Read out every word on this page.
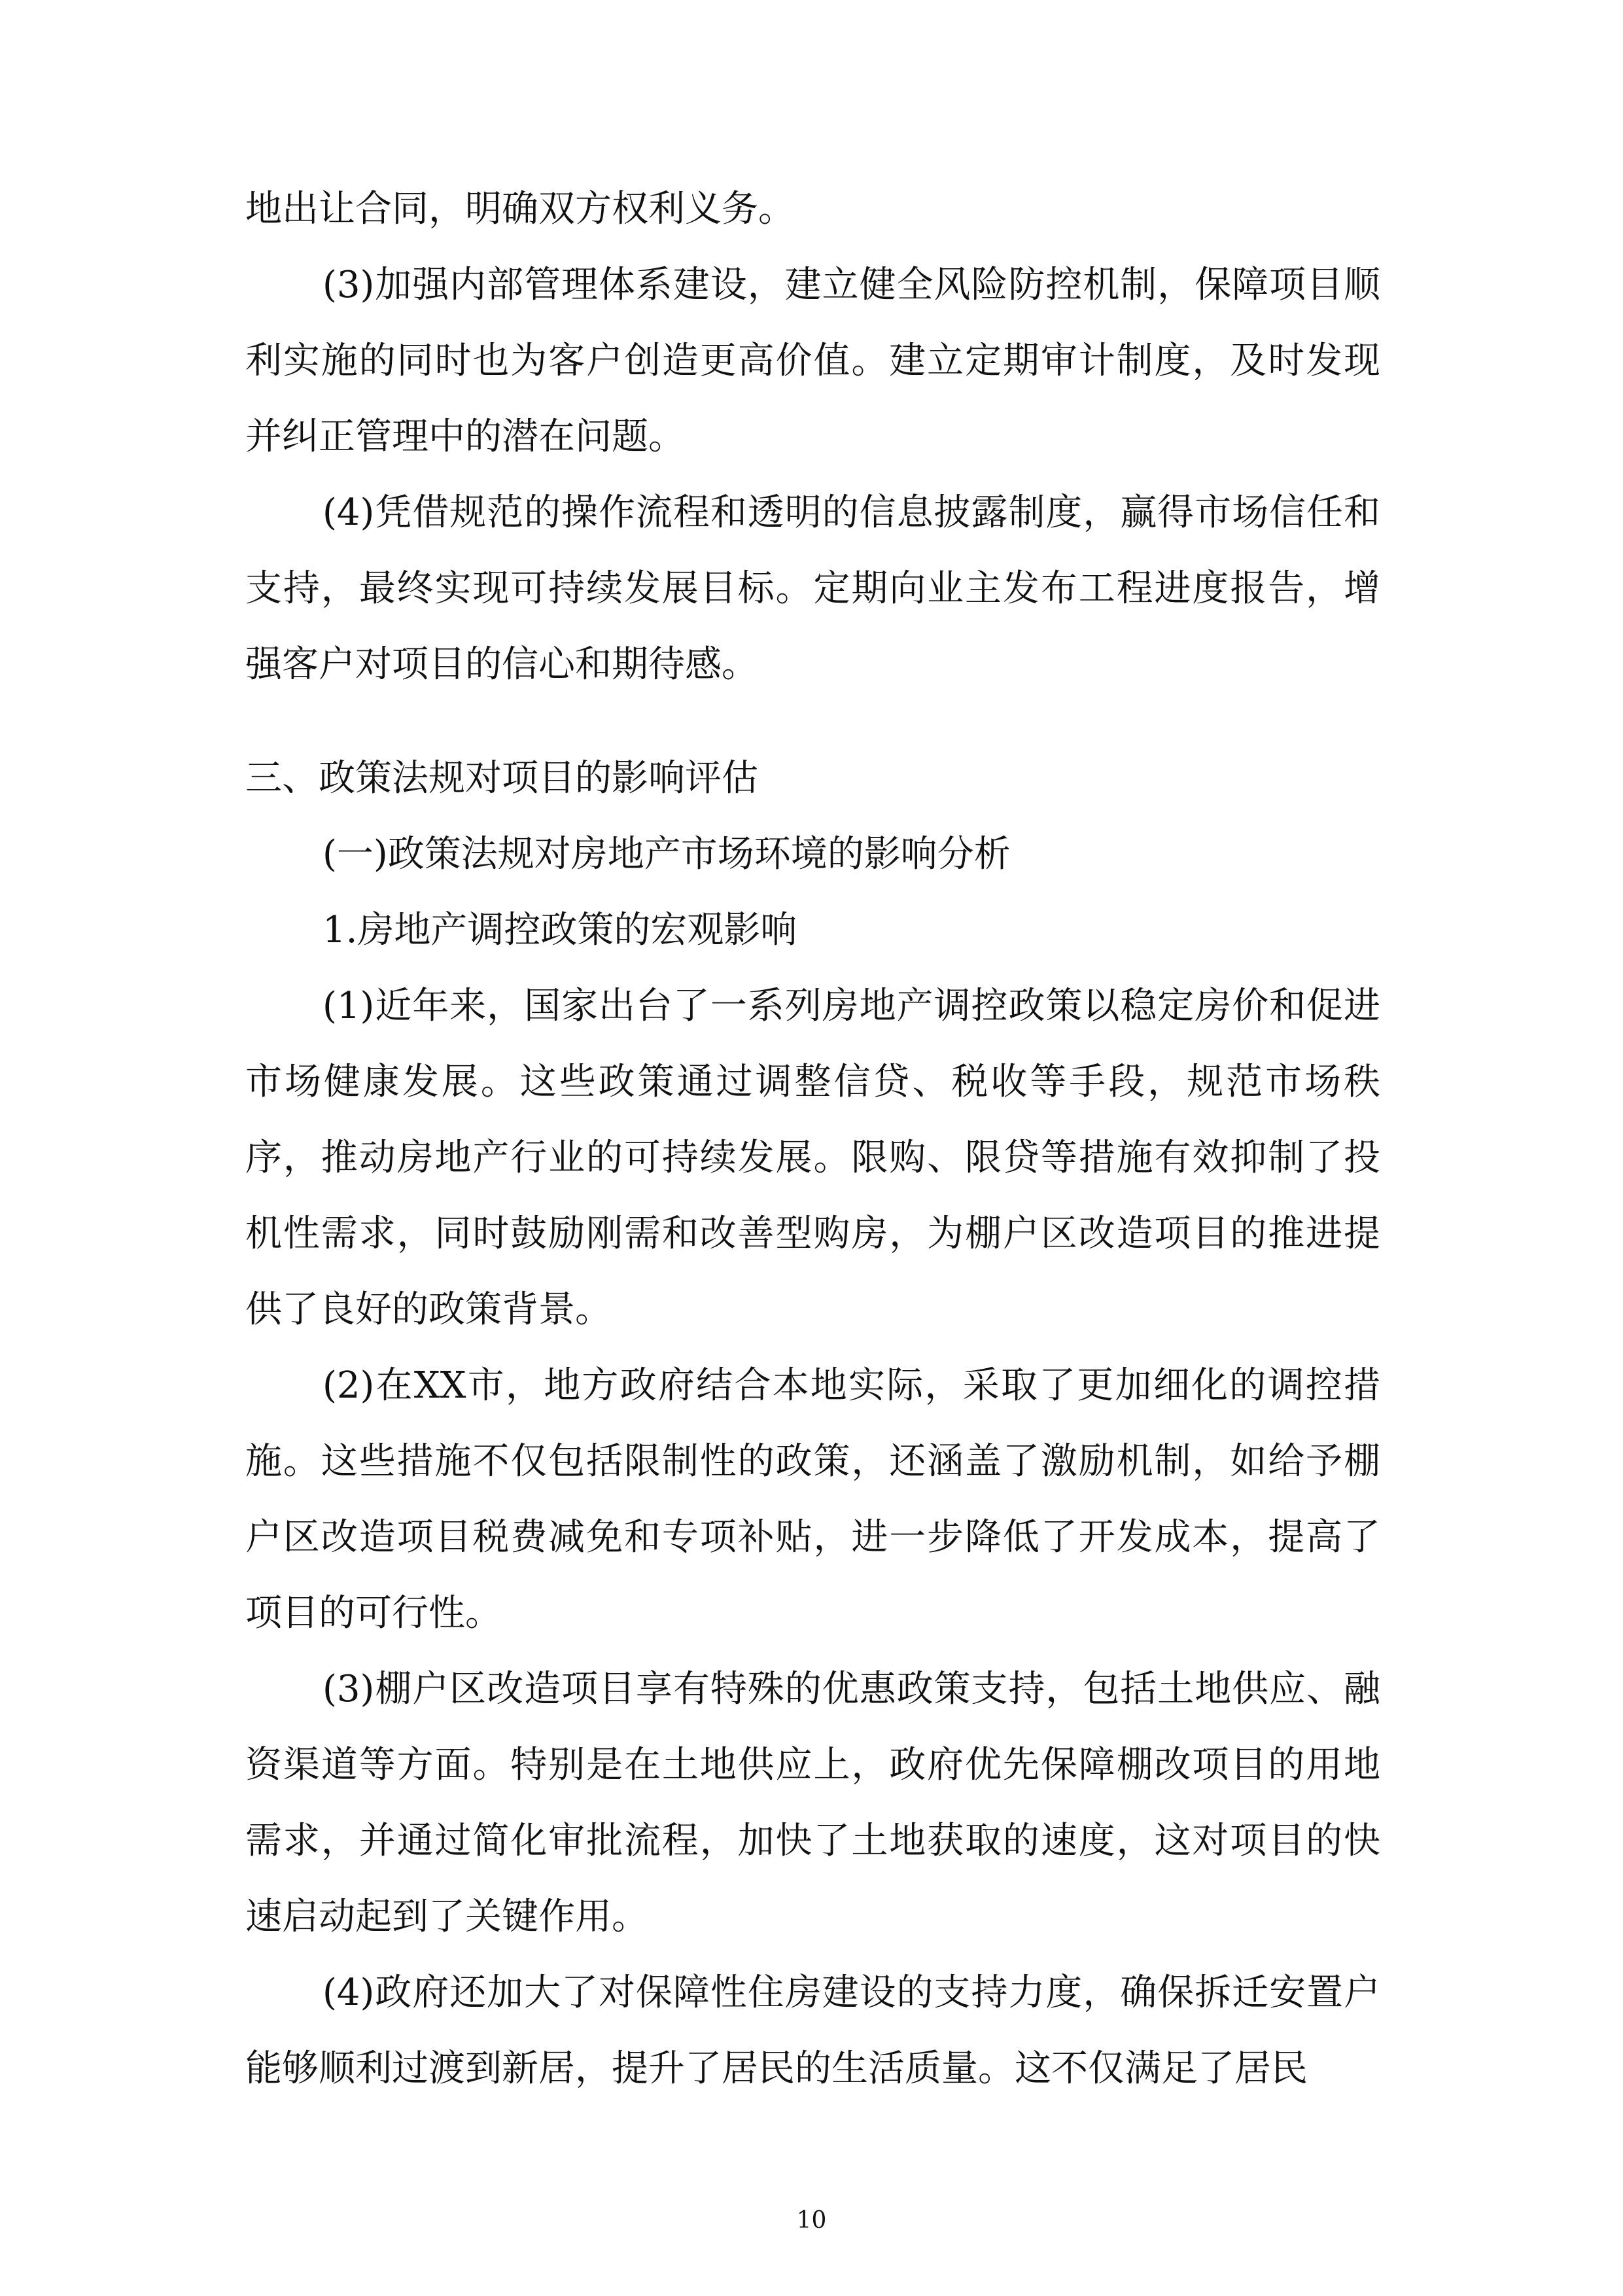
地出让合同，明确双方权利义务。

(3)加强内部管理体系建设，建立健全风险防控机制，保障项目顺利实施的同时也为客户创造更高价值。建立定期审计制度，及时发现并纠正管理中的潜在问题。

(4)凭借规范的操作流程和透明的信息披露制度，赢得市场信任和支持，最终实现可持续发展目标。定期向业主发布工程进度报告，增强客户对项目的信心和期待感。

三、政策法规对项目的影响评估

(一)政策法规对房地产市场环境的影响分析

1.房地产调控政策的宏观影响

(1)近年来，国家出台了一系列房地产调控政策以稳定房价和促进市场健康发展。这些政策通过调整信贷、税收等手段，规范市场秩序，推动房地产行业的可持续发展。限购、限贷等措施有效抑制了投机性需求，同时鼓励刚需和改善型购房，为棚户区改造项目的推进提供了良好的政策背景。

(2)在XX市，地方政府结合本地实际，采取了更加细化的调控措施。这些措施不仅包括限制性的政策，还涵盖了激励机制，如给予棚户区改造项目税费减免和专项补贴，进一步降低了开发成本，提高了项目的可行性。

(3)棚户区改造项目享有特殊的优惠政策支持，包括土地供应、融资渠道等方面。特别是在土地供应上，政府优先保障棚改项目的用地需求，并通过简化审批流程，加快了土地获取的速度，这对项目的快速启动起到了关键作用。

(4)政府还加大了对保障性住房建设的支持力度，确保拆迁安置户能够顺利过渡到新居，提升了居民的生活质量。这不仅满足了居民

10
